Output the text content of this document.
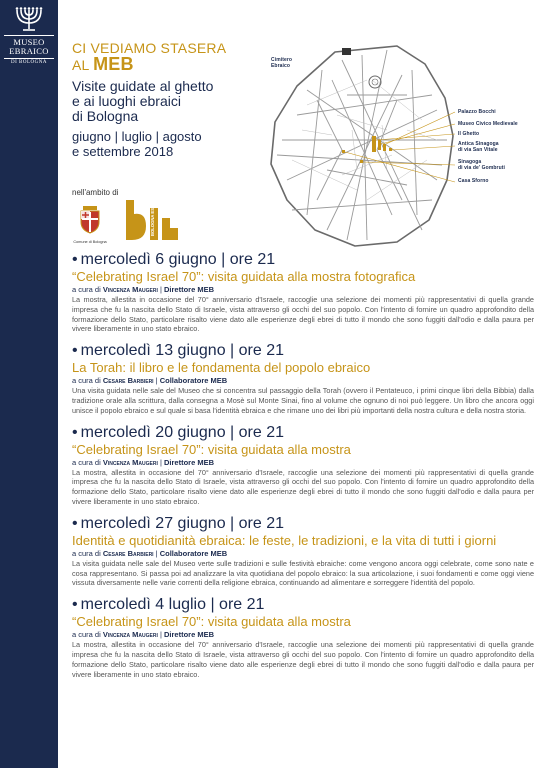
MUSEO
EBRAICO
DI BOLOGNA
CI VEDIAMO STASERA
AL MEB
Visite guidate al ghetto
e ai luoghi ebraici
di Bologna
giugno | luglio | agosto
e settembre 2018
nell'ambito di
Comune di Bologna
BOLOGNA ESTATE
Cimitero
Ebraico
Palazzo Bocchi
Museo Civico Medievale
Il Ghetto
Antica Sinagoga
di via San Vitale
Sinagoga
di via de' Gombruti
Casa Sforno
• mercoledì 6 giugno | ore 21
“Celebrating Israel 70”: visita guidata alla mostra fotografica
a cura di Vincenza Maugeri | Direttore MEB
La mostra, allestita in occasione del 70° anniversario d'Israele, raccoglie una selezione dei momenti più rappresentativi di quella grande impresa che fu la nascita dello Stato di Israele, vista attraverso gli occhi del suo popolo. Con l'intento di fornire un quadro approfondito della formazione dello Stato, particolare risalto viene dato alle esperienze degli ebrei di tutto il mondo che sono fuggiti dall'odio e dalla paura per vivere liberamente in uno stato ebraico.
• mercoledì 13 giugno | ore 21
La Torah: il libro e le fondamenta del popolo ebraico
a cura di Cesare Barbieri | Collaboratore MEB
Una visita guidata nelle sale del Museo che si concentra sul passaggio della Torah (ovvero il Pentateuco, i primi cinque libri della Bibbia) dalla tradizione orale alla scrittura, dalla consegna a Mosè sul Monte Sinai, fino al volume che ognuno di noi può leggere. Un libro che ancora oggi unisce il popolo ebraico e sul quale si basa l'identità ebraica e che rimane uno dei libri più importanti della nostra cultura e della nostra storia.
• mercoledì 20 giugno | ore 21
“Celebrating Israel 70”: visita guidata alla mostra
a cura di Vincenza Maugeri | Direttore MEB
La mostra, allestita in occasione del 70° anniversario d'Israele, raccoglie una selezione dei momenti più rappresentativi di quella grande impresa che fu la nascita dello Stato di Israele, vista attraverso gli occhi del suo popolo. Con l'intento di fornire un quadro approfondito della formazione dello Stato, particolare risalto viene dato alle esperienze degli ebrei di tutto il mondo che sono fuggiti dall'odio e dalla paura per vivere liberamente in uno stato ebraico.
• mercoledì 27 giugno | ore 21
Identità e quotidianità ebraica: le feste, le tradizioni, e la vita di tutti i giorni
a cura di Cesare Barbieri | Collaboratore MEB
La visita guidata nelle sale del Museo verte sulle tradizioni e sulle festività ebraiche: come vengono ancora oggi celebrate, come sono nate e cosa rappresentano. Si passa poi ad analizzare la vita quotidiana del popolo ebraico: la sua articolazione, i suoi fondamenti e come oggi viene vissuta diversamente nelle varie correnti della religione ebraica, continuando ad alimentare e sorreggere l'identità del popolo.
• mercoledì 4 luglio | ore 21
“Celebrating Israel 70”: visita guidata alla mostra
a cura di Vincenza Maugeri | Direttore MEB
La mostra, allestita in occasione del 70° anniversario d'Israele, raccoglie una selezione dei momenti più rappresentativi di quella grande impresa che fu la nascita dello Stato di Israele, vista attraverso gli occhi del suo popolo. Con l'intento di fornire un quadro approfondito della formazione dello Stato, particolare risalto viene dato alle esperienze degli ebrei di tutto il mondo che sono fuggiti dall'odio e dalla paura per vivere liberamente in uno stato ebraico.
